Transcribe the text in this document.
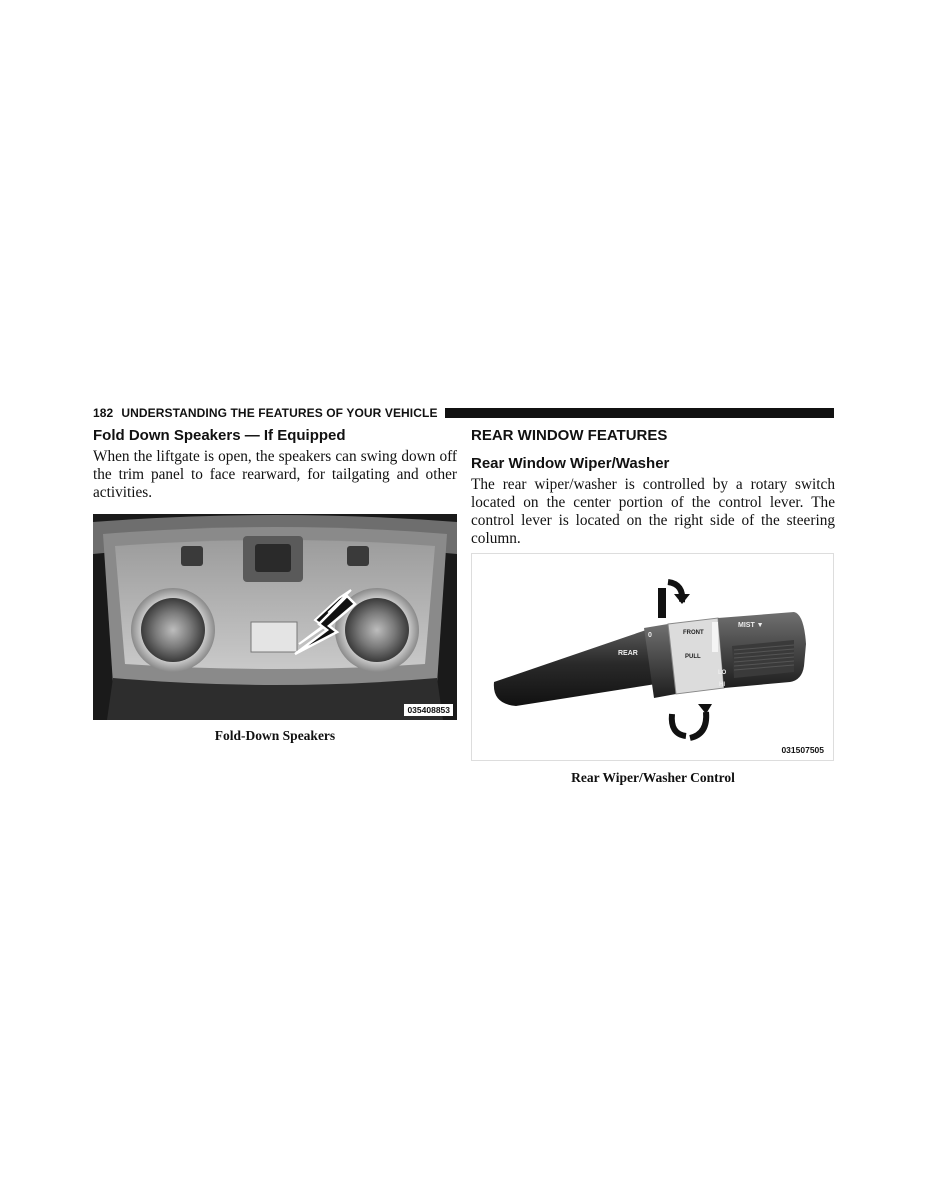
182 UNDERSTANDING THE FEATURES OF YOUR VEHICLE
Fold Down Speakers — If Equipped

When the liftgate is open, the speakers can swing down off the trim panel to face rearward, for tailgating and other activities.

035408853
Fold-Down Speakers
REAR WINDOW FEATURES
Rear Window Wiper/Washer

The rear wiper/washer is controlled by a rotary switch located on the center portion of the control lever. The control lever is located on the right side of the steering column.

REAR
0	FRONT
PULL
MIST ▼
LO
HI
031507505
Rear Wiper/Washer Control
